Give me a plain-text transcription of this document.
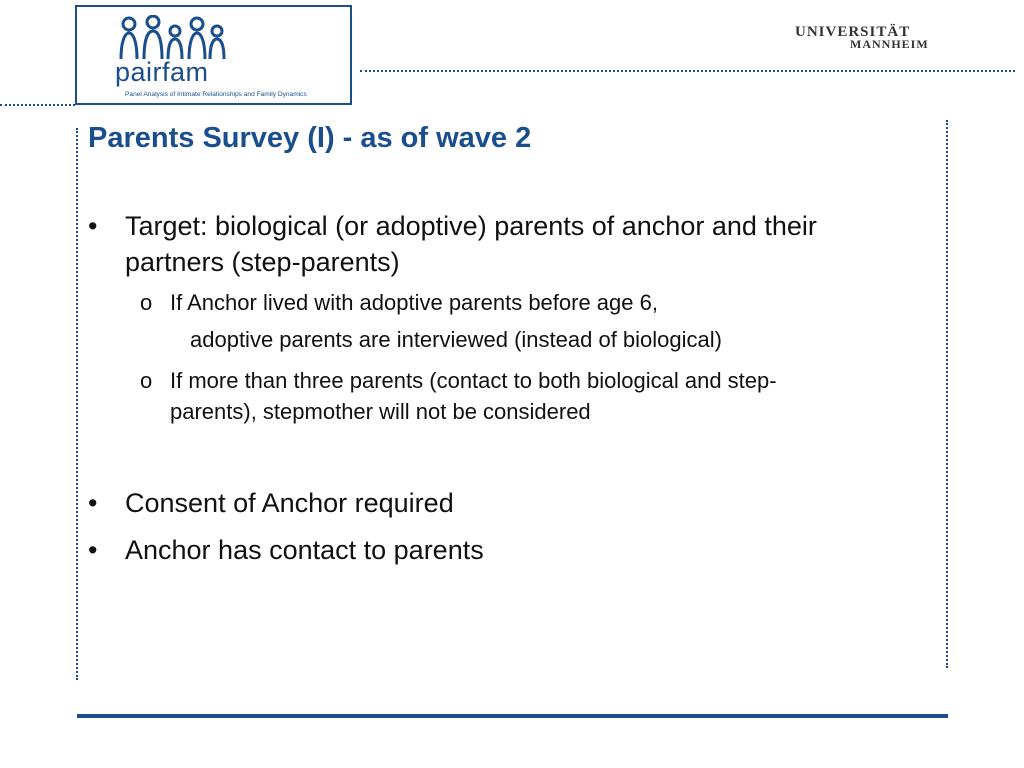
pairfam
Panel Analysis of Intimate Relationships and Family Dynamics
UNIVERSITÄT
MANNHEIM
Parents Survey (I) - as of wave 2
•	Target: biological (or adoptive) parents of anchor and their
partners (step-parents)
o If Anchor lived with adoptive parents before age 6,
adoptive parents are interviewed (instead of biological)
o If more than three parents (contact to both biological and step-
parents), stepmother will not be considered
•	Consent of Anchor required
•	Anchor has contact to parents
